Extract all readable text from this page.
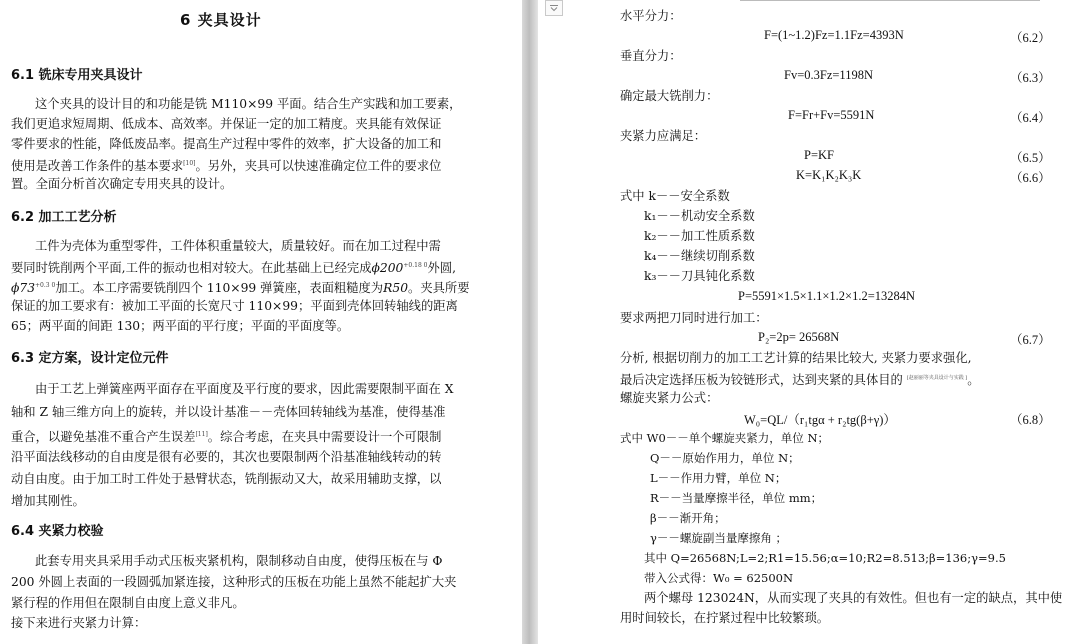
6 夹具设计
6.1 铣床专用夹具设计
这个夹具的设计目的和功能是铣 M110×99 平面。结合生产实践和加工要素，
我们更追求短周期、低成本、高效率。并保证一定的加工精度。夹具能有效保证
零件要求的性能，降低废品率。提高生产过程中零件的效率，扩大设备的加工和
使用是改善工作条件的基本要求[10]。另外，夹具可以快速准确定位工件的要求位
置。全面分析首次确定专用夹具的设计。
6.2 加工工艺分析
工件为壳体为重型零件，工件体积重量较大，质量较好。而在加工过程中需
要同时铣削两个平面,工件的振动也相对较大。在此基础上已经完成$\phi 200^{+0.18 0}$外圆,
$\phi 73^{+0.3 0}$加工。本工序需要铣削四个 110×99 弹簧座，表面粗糙度为R50。夹具所要
保证的加工要求有：被加工平面的长宽尺寸 110×99；平面到壳体回转轴线的距离
65；两平面的间距 130；两平面的平行度；平面的平面度等。
6.3 定方案，设计定位元件
由于工艺上弹簧座两平面存在平面度及平行度的要求，因此需要限制平面在 X
轴和 Z 轴三维方向上的旋转，并以设计基准－－壳体回转轴线为基准，使得基准
重合，以避免基准不重合产生误差[11]。综合考虑，在夹具中需要设计一个可限制
沿平面法线移动的自由度是很有必要的，其次也要限制两个沿基准轴线转动的转
动自由度。由于加工时工件处于悬臂状态，铣削振动又大，故采用辅助支撑，以
增加其刚性。
6.4 夹紧力校验
此套专用夹具采用手动式压板夹紧机构，限制移动自由度，使得压板在与 Φ
200 外圆上表面的一段圆弧加紧连接，这种形式的压板在功能上虽然不能起扩大夹
紧行程的作用但在限制自由度上意义非凡。
接下来进行夹紧力计算：
水平分力：
F=(1~1.2)Fz=1.1Fz=4393N	（6.2）
垂直分力：
Fv=0.3Fz=1198N	（6.3）
确定最大铣削力：
F=Fr+Fv=5591N	（6.4）
夹紧力应满足：
P=KF	（6.5）
K=K₁K₂K₃K	（6.6）
式中 k－－安全系数
k₁－－机动安全系数
k₂－－加工性质系数
k₄－－继续切削系数
k₃－－刀具钝化系数
P=5591×1.5×1.1×1.2×1.2=13284N
要求两把刀同时进行加工：
P₂=2p= 26568N	（6.7）
分析, 根据切削力的加工工艺计算的结果比较大, 夹紧力要求强化,
最后决定选择压板为铰链形式，达到夹紧的具体目的 [赵丽丽等夹具设计与实践 ]。
螺旋夹紧力公式：
W₀=QL/（r₁tgα + r₂tg(β+γ)）	（6.8）
式中 W0－－单个螺旋夹紧力，单位 N；
Q－－原始作用力，单位 N；
L－－作用力臂，单位 N；
R－－当量摩擦半径，单位 mm；
β－－渐开角；
γ－－螺旋副当量摩擦角 ；
其中 Q=26568N;L=2;R1=15.56;α=10;R2=8.513;β=136;γ=9.5
带入公式得：W₀ = 62500N
两个螺母 123024N，从而实现了夹具的有效性。但也有一定的缺点，其中使
用时间较长，在拧紧过程中比较繁琐。
